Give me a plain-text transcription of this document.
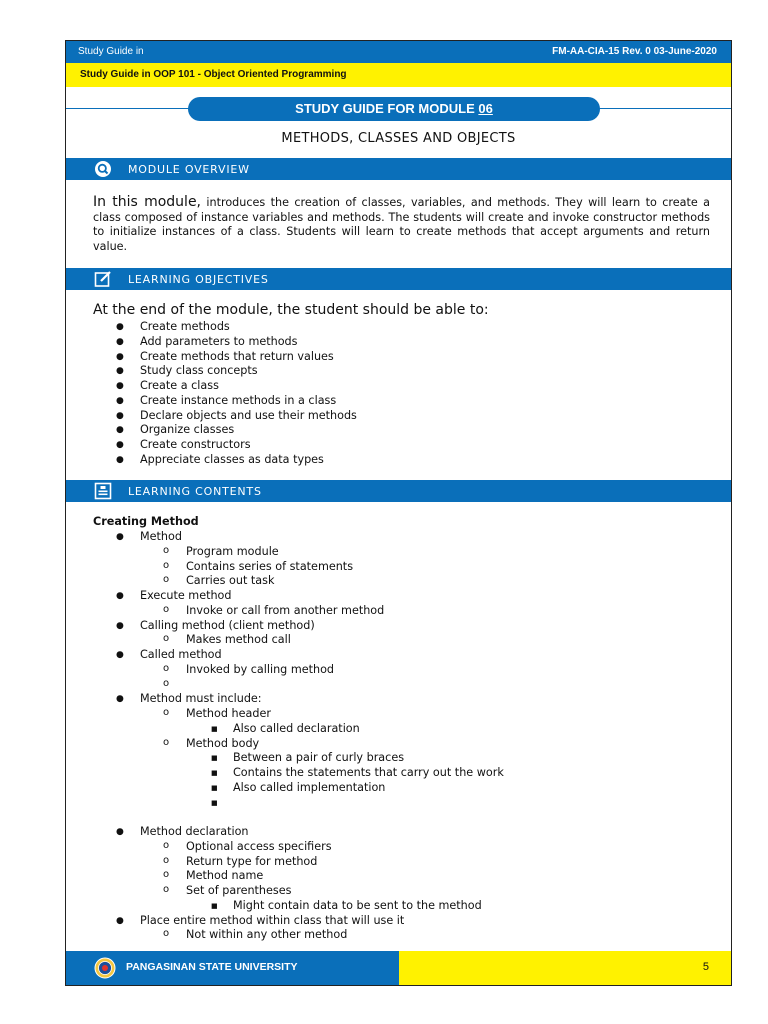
Study Guide in	FM-AA-CIA-15 Rev. 0 03-June-2020
Study Guide in OOP 101 - Object Oriented Programming
STUDY GUIDE FOR MODULE 06
METHODS, CLASSES AND OBJECTS
MODULE OVERVIEW
In this module, introduces the creation of classes, variables, and methods. They will learn to create a class composed of instance variables and methods. The students will create and invoke constructor methods to initialize instances of a class. Students will learn to create methods that accept arguments and return value.
LEARNING OBJECTIVES
At the end of the module, the student should be able to:
● Create methods
● Add parameters to methods
● Create methods that return values
● Study class concepts
● Create a class
● Create instance methods in a class
● Declare objects and use their methods
● Organize classes
● Create constructors
● Appreciate classes as data types
LEARNING CONTENTS
Creating Method
● Method
o Program module
o Contains series of statements
o Carries out task
● Execute method
o Invoke or call from another method
● Calling method (client method)
o Makes method call
● Called method
o Invoked by calling method
o
● Method must include:
o Method header
■ Also called declaration
o Method body
■ Between a pair of curly braces
■ Contains the statements that carry out the work
■ Also called implementation
■
● Method declaration
o Optional access specifiers
o Return type for method
o Method name
o Set of parentheses
■ Might contain data to be sent to the method
● Place entire method within class that will use it
o Not within any other method
PANGASINAN STATE UNIVERSITY	5
